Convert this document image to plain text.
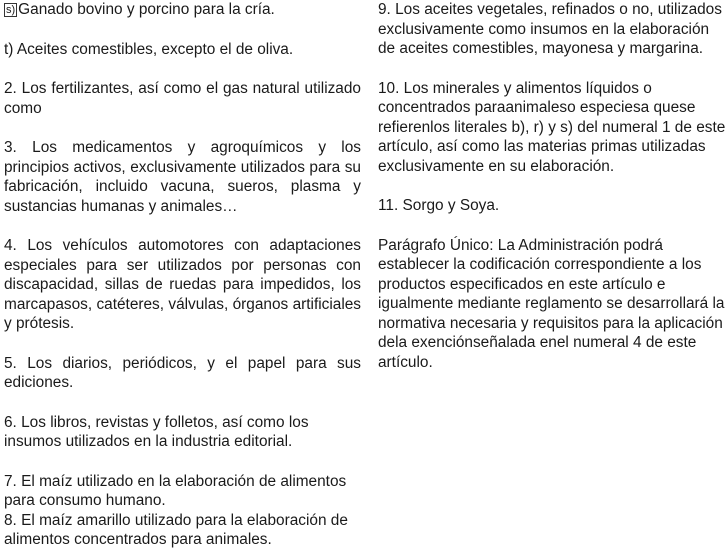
s) Ganado bovino y porcino para la cría.

t) Aceites comestibles, excepto el de oliva.

2. Los fertilizantes, así como el gas natural utilizado como

3. Los medicamentos y agroquímicos y los principios activos, exclusivamente utilizados para su fabricación, incluido vacuna, sueros, plasma y sustancias humanas y animales…

4. Los vehículos automotores con adaptaciones especiales para ser utilizados por personas con discapacidad, sillas de ruedas para impedidos, los marcapasos, catéteres, válvulas, órganos artificiales y prótesis.

5. Los diarios, periódicos, y el papel para sus ediciones.

6. Los libros, revistas y folletos, así como los insumos utilizados en la industria editorial.

7. El maíz utilizado en la elaboración de alimentos para consumo humano.

8. El maíz amarillo utilizado para la elaboración de alimentos concentrados para animales.

9. Los aceites vegetales, refinados o no, utilizados exclusivamente como insumos en la elaboración de aceites comestibles, mayonesa y margarina.

10. Los minerales y alimentos líquidos o concentrados paraanimaleso especiesa quese refierenlos literales b), r) y s) del numeral 1 de este artículo, así como las materias primas utilizadas exclusivamente en su elaboración.

11. Sorgo y Soya.

Parágrafo Único: La Administración podrá establecer la codificación correspondiente a los productos especificados en este artículo e igualmente mediante reglamento se desarrollará la normativa necesaria y requisitos para la aplicación dela exenciónseñalada enel numeral 4 de este artículo.
